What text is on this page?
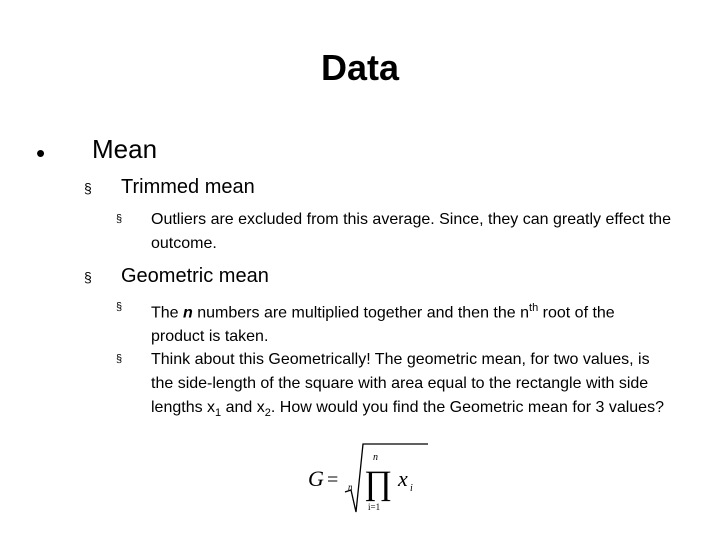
Data
• Mean
§ Trimmed mean
§ Outliers are excluded from this average. Since, they can greatly effect the outcome.
§ Geometric mean
§ The n numbers are multiplied together and then the $n^{th}$ root of the product is taken.
§ Think about this Geometrically! The geometric mean, for two values, is the side-length of the square with area equal to the rectangle with side lengths $x_1$ and $x_2$. How would you find the Geometric mean for 3 values?
G = n
n
∏
i=1
x i
